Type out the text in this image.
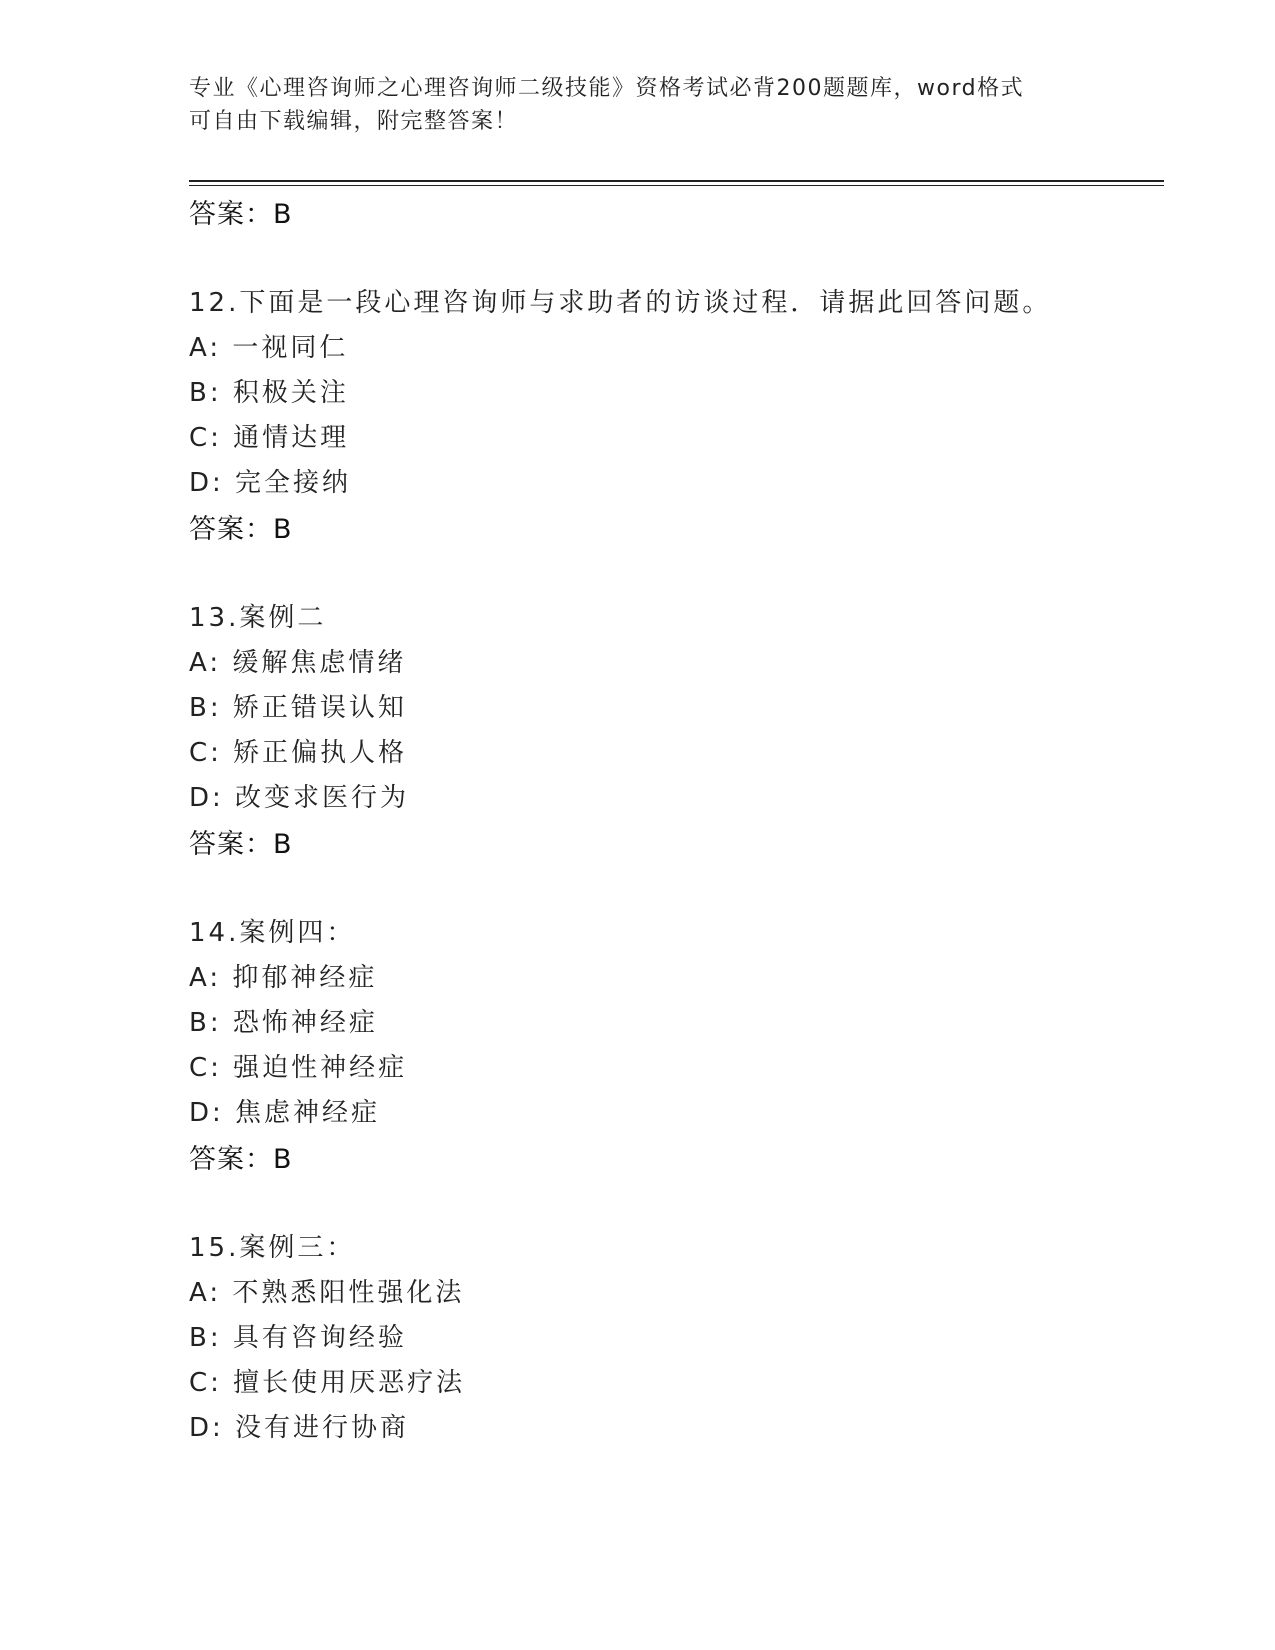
专业《心理咨询师之心理咨询师二级技能》资格考试必背200题题库，word格式
可自由下载编辑，附完整答案！
答案：B
12.下面是一段心理咨询师与求助者的访谈过程．请据此回答问题。
A: 一视同仁
B: 积极关注
C: 通情达理
D: 完全接纳
答案：B
13.案例二
A: 缓解焦虑情绪
B: 矫正错误认知
C: 矫正偏执人格
D: 改变求医行为
答案：B
14.案例四：
A: 抑郁神经症
B: 恐怖神经症
C: 强迫性神经症
D: 焦虑神经症
答案：B
15.案例三：
A: 不熟悉阳性强化法
B: 具有咨询经验
C: 擅长使用厌恶疗法
D: 没有进行协商
